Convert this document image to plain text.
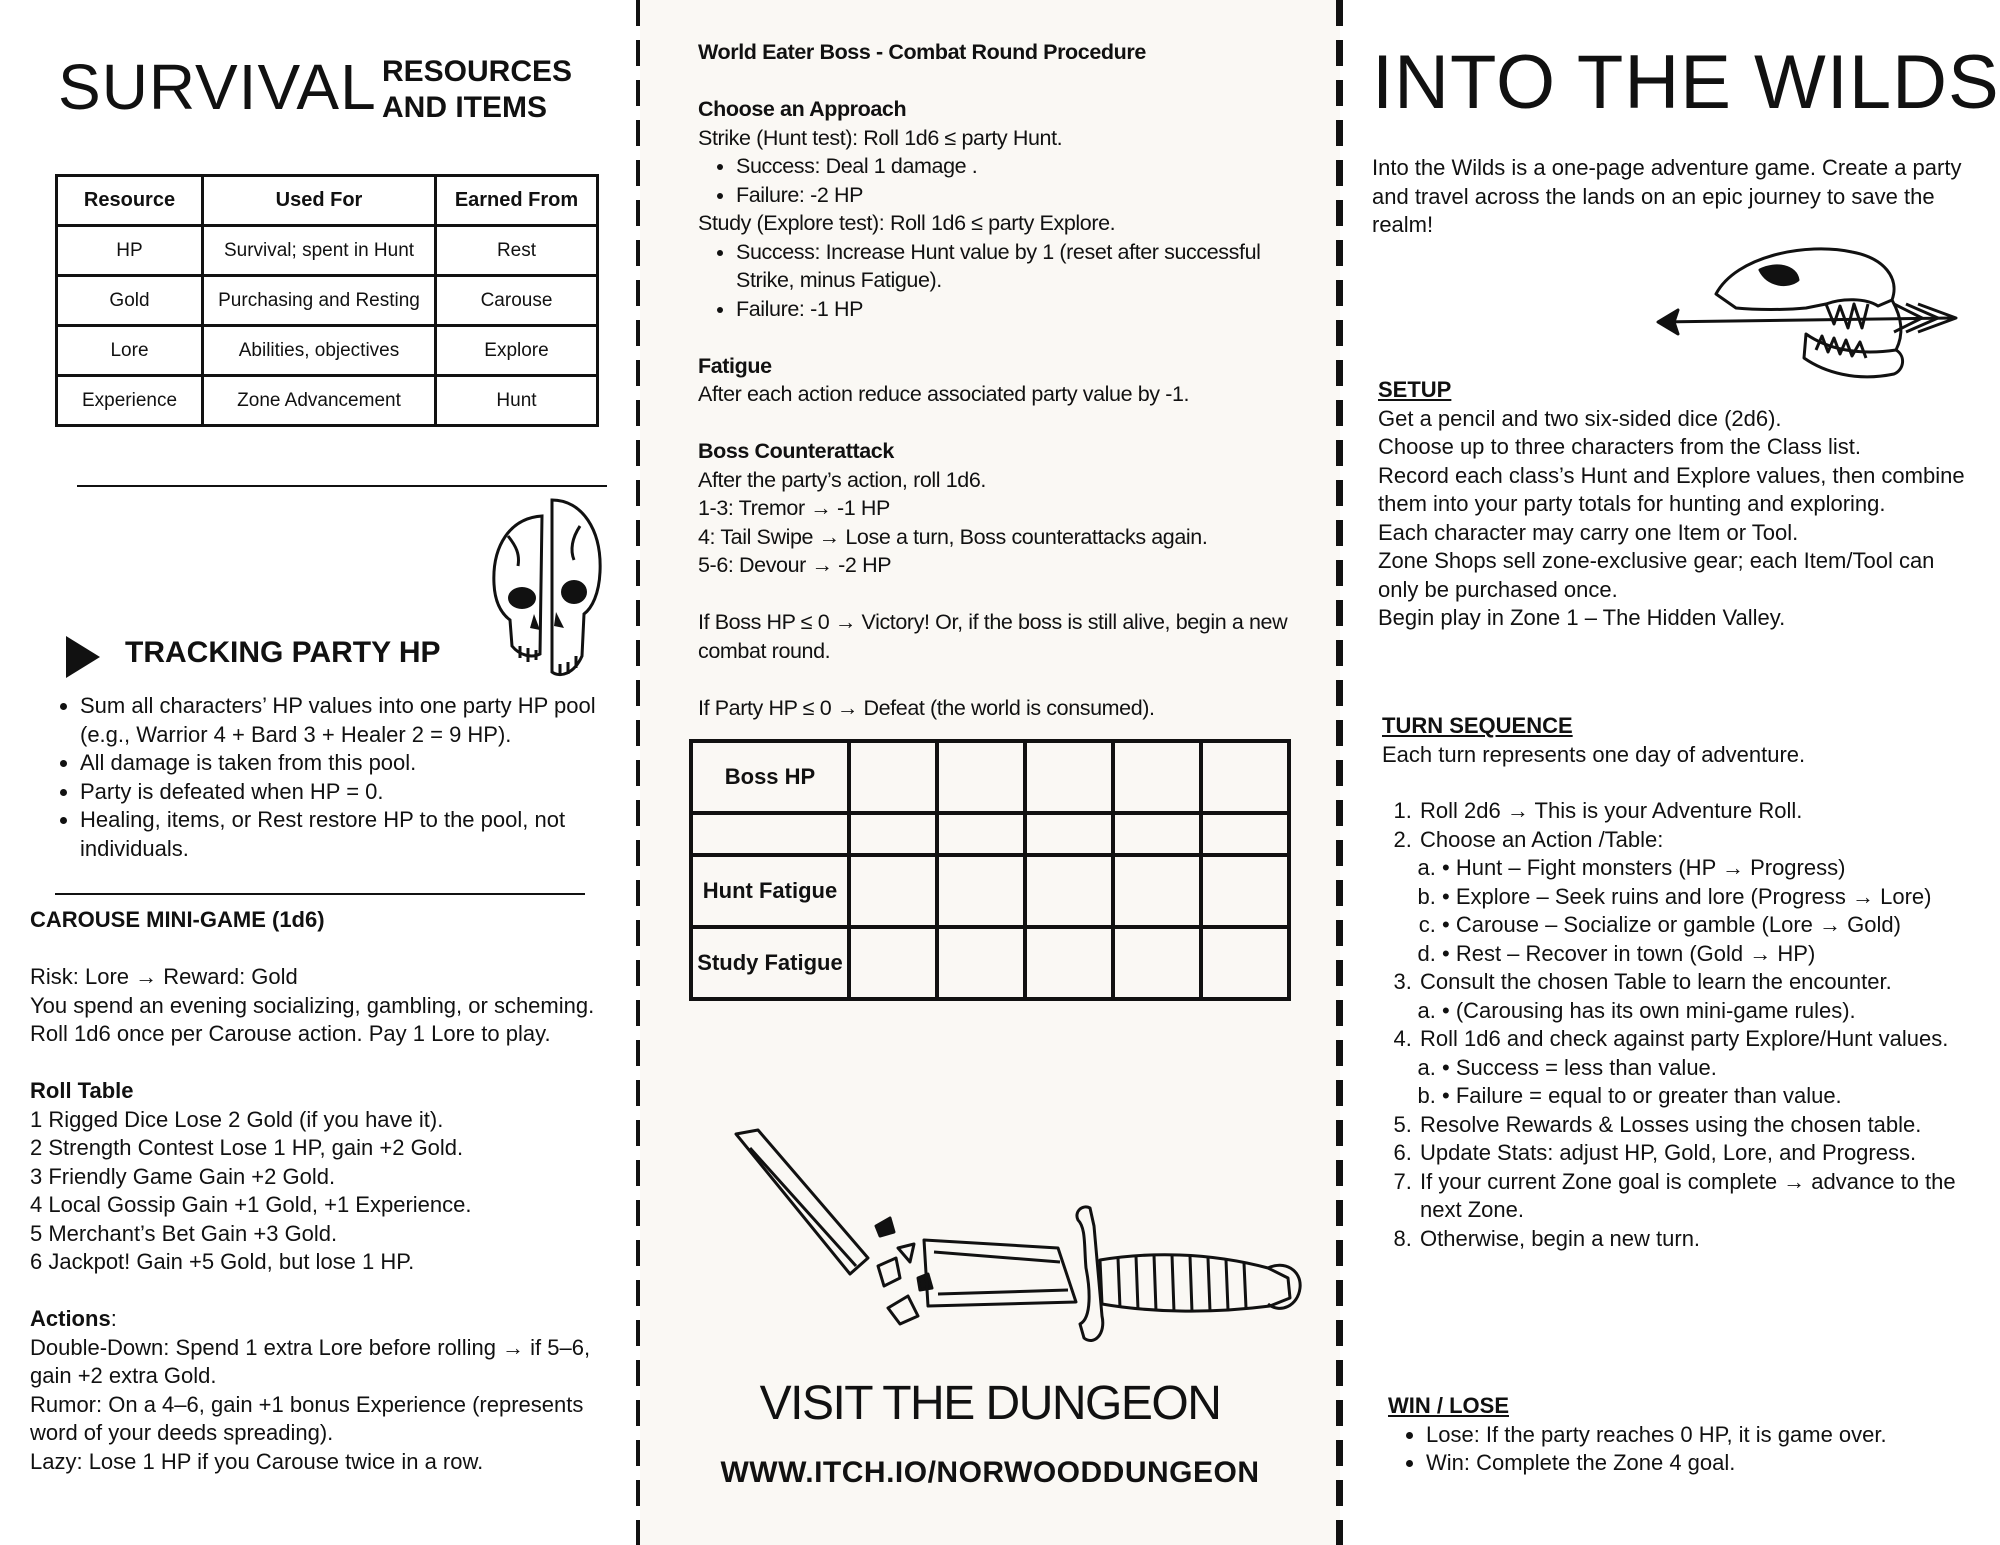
SURVIVAL RESOURCES
AND ITEMS
Resource	Used For	Earned From
HP	Survival; spent in Hunt	Rest
Gold	Purchasing and Resting	Carouse
Lore	Abilities, objectives	Explore
Experience	Zone Advancement	Hunt
TRACKING PARTY HP
• Sum all characters’ HP values into one party HP pool (e.g., Warrior 4 + Bard 3 + Healer 2 = 9 HP).
• All damage is taken from this pool.
• Party is defeated when HP = 0.
• Healing, items, or Rest restore HP to the pool, not individuals.
CAROUSE MINI-GAME (1d6)
Risk: Lore → Reward: Gold
You spend an evening socializing, gambling, or scheming. Roll 1d6 once per Carouse action. Pay 1 Lore to play.
Roll Table
1 Rigged Dice Lose 2 Gold (if you have it).
2 Strength Contest Lose 1 HP, gain +2 Gold.
3 Friendly Game Gain +2 Gold.
4 Local Gossip Gain +1 Gold, +1 Experience.
5 Merchant’s Bet Gain +3 Gold.
6 Jackpot! Gain +5 Gold, but lose 1 HP.
Actions:
Double-Down: Spend 1 extra Lore before rolling → if 5–6, gain +2 extra Gold.
Rumor: On a 4–6, gain +1 bonus Experience (represents word of your deeds spreading).
Lazy: Lose 1 HP if you Carouse twice in a row.

World Eater Boss - Combat Round Procedure

Choose an Approach

Strike (Hunt test): Roll 1d6 ≤ party Hunt.

• Success: Deal 1 damage .
• Failure: -2 HP

Study (Explore test): Roll 1d6 ≤ party Explore.

• Success: Increase Hunt value by 1 (reset after successful Strike, minus Fatigue).
• Failure: -1 HP

Fatigue

After each action reduce associated party value by -1.

Boss Counterattack

After the party’s action, roll 1d6.

1-3: Tremor → -1 HP

4: Tail Swipe → Lose a turn, Boss counterattacks again.

5-6: Devour → -2 HP

If Boss HP ≤ 0 → Victory! Or, if the boss is still alive, begin a new combat round.

If Party HP ≤ 0 → Defeat (the world is consumed).

Boss HP					

Hunt Fatigue					
Study Fatigue					
VISIT THE DUNGEON
WWW.ITCH.IO/NORWOODDUNGEON
INTO THE WILDS
Into the Wilds is a one-page adventure game. Create a party and travel across the lands on an epic journey to save the realm!
SETUP
Get a pencil and two six-sided dice (2d6).
Choose up to three characters from the Class list.
Record each class’s Hunt and Explore values, then combine them into your party totals for hunting and exploring.
Each character may carry one Item or Tool.
Zone Shops sell zone-exclusive gear; each Item/Tool can only be purchased once.
Begin play in Zone 1 – The Hidden Valley.
TURN SEQUENCE
Each turn represents one day of adventure.
1. Roll 2d6 → This is your Adventure Roll.
2. Choose an Action /Table:
a. • Hunt – Fight monsters (HP → Progress)
b. • Explore – Seek ruins and lore (Progress → Lore)
c. • Carouse – Socialize or gamble (Lore → Gold)
d. • Rest – Recover in town (Gold → HP)
3. Consult the chosen Table to learn the encounter.
a. • (Carousing has its own mini-game rules).
4. Roll 1d6 and check against party Explore/Hunt values.
a. • Success = less than value.
b. • Failure = equal to or greater than value.
5. Resolve Rewards & Losses using the chosen table.
6. Update Stats: adjust HP, Gold, Lore, and Progress.
7. If your current Zone goal is complete → advance to the next Zone.
8. Otherwise, begin a new turn.
WIN / LOSE
• Lose: If the party reaches 0 HP, it is game over.
• Win: Complete the Zone 4 goal.
